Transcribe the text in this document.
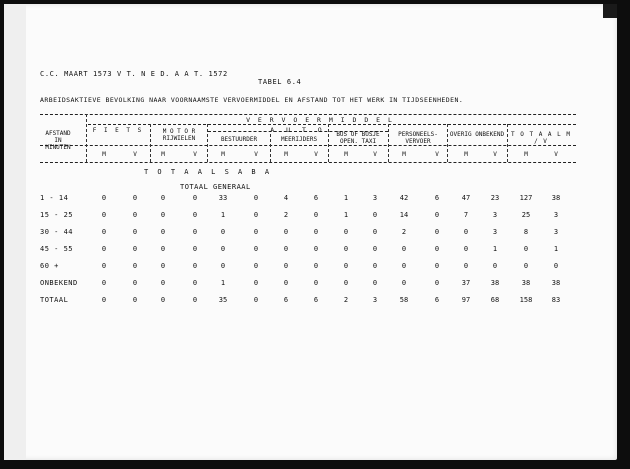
C.C. MAART 1573 V T. N E D. A A T. 1572
TABEL 6.4
ARBEIDSAKTIEVE BEVOLKING NAAR VOORNAAMSTE VERVOERMIDDEL EN AFSTAND TOT HET WERK IN TIJDSEENHEDEN.
V E R V O E R M I D D E L
AFSTAND
IN
MINUTEN
A U T O
F I E T S	M O T O R RIJWIELEN	BESTUURDER	MEERIJDERS
BUS OF BUSJE OPEN. TAXI
PERSONEELS- VERVOER
OVERIG ONBEKEND	T O T A A L M / V
M	V	M	V	M	V	M	V	M	V	M	V	M	V	M	V
T O T A A L S A B A
TOTAAL GENERAAL
1 - 14	0	0	0	0	33	0	4	6	1	3	42	6	47	23	127	38
15 - 25	0	0	0	0	1	0	2	0	1	0	14	0	7	3	25	3
30 - 44	0	0	0	0	0	0	0	0	0	0	2	0	0	3	8	3
45 - 55	0	0	0	0	0	0	0	0	0	0	0	0	0	1	0	1
60 +	0	0	0	0	0	0	0	0	0	0	0	0	0	0	0	0
ONBEKEND	0	0	0	0	1	0	0	0	0	0	0	0	37	38	38	38
TOTAAL	0	0	0	0	35	0	6	6	2	3	58	6	97	68	158	83
